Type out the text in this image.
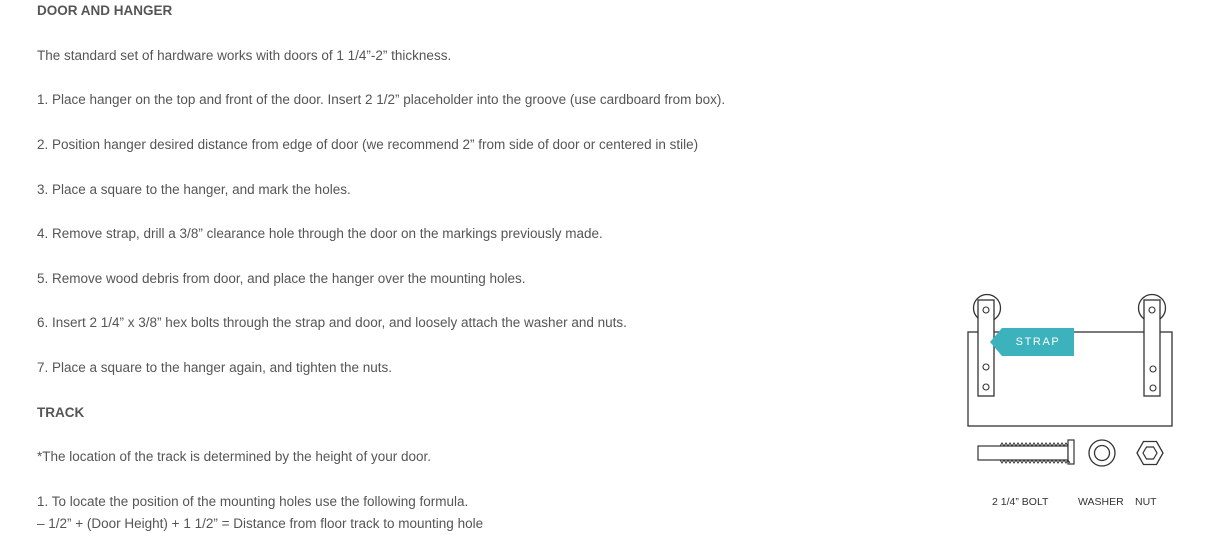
DOOR AND HANGER
The standard set of hardware works with doors of 1 1/4”-2” thickness.
1. Place hanger on the top and front of the door. Insert 2 1/2” placeholder into the groove (use cardboard from box).
2. Position hanger desired distance from edge of door (we recommend 2” from side of door or centered in stile)
3. Place a square to the hanger, and mark the holes.
4. Remove strap, drill a 3/8” clearance hole through the door on the markings previously made.
5. Remove wood debris from door, and place the hanger over the mounting holes.
6. Insert 2 1/4” x 3/8” hex bolts through the strap and door, and loosely attach the washer and nuts.
7. Place a square to the hanger again, and tighten the nuts.
TRACK
*The location of the track is determined by the height of your door.
1. To locate the position of the mounting holes use the following formula.
– 1/2” + (Door Height) + 1 1/2” = Distance from floor track to mounting hole
STRAP
2 1/4” BOLT	WASHER NUT
